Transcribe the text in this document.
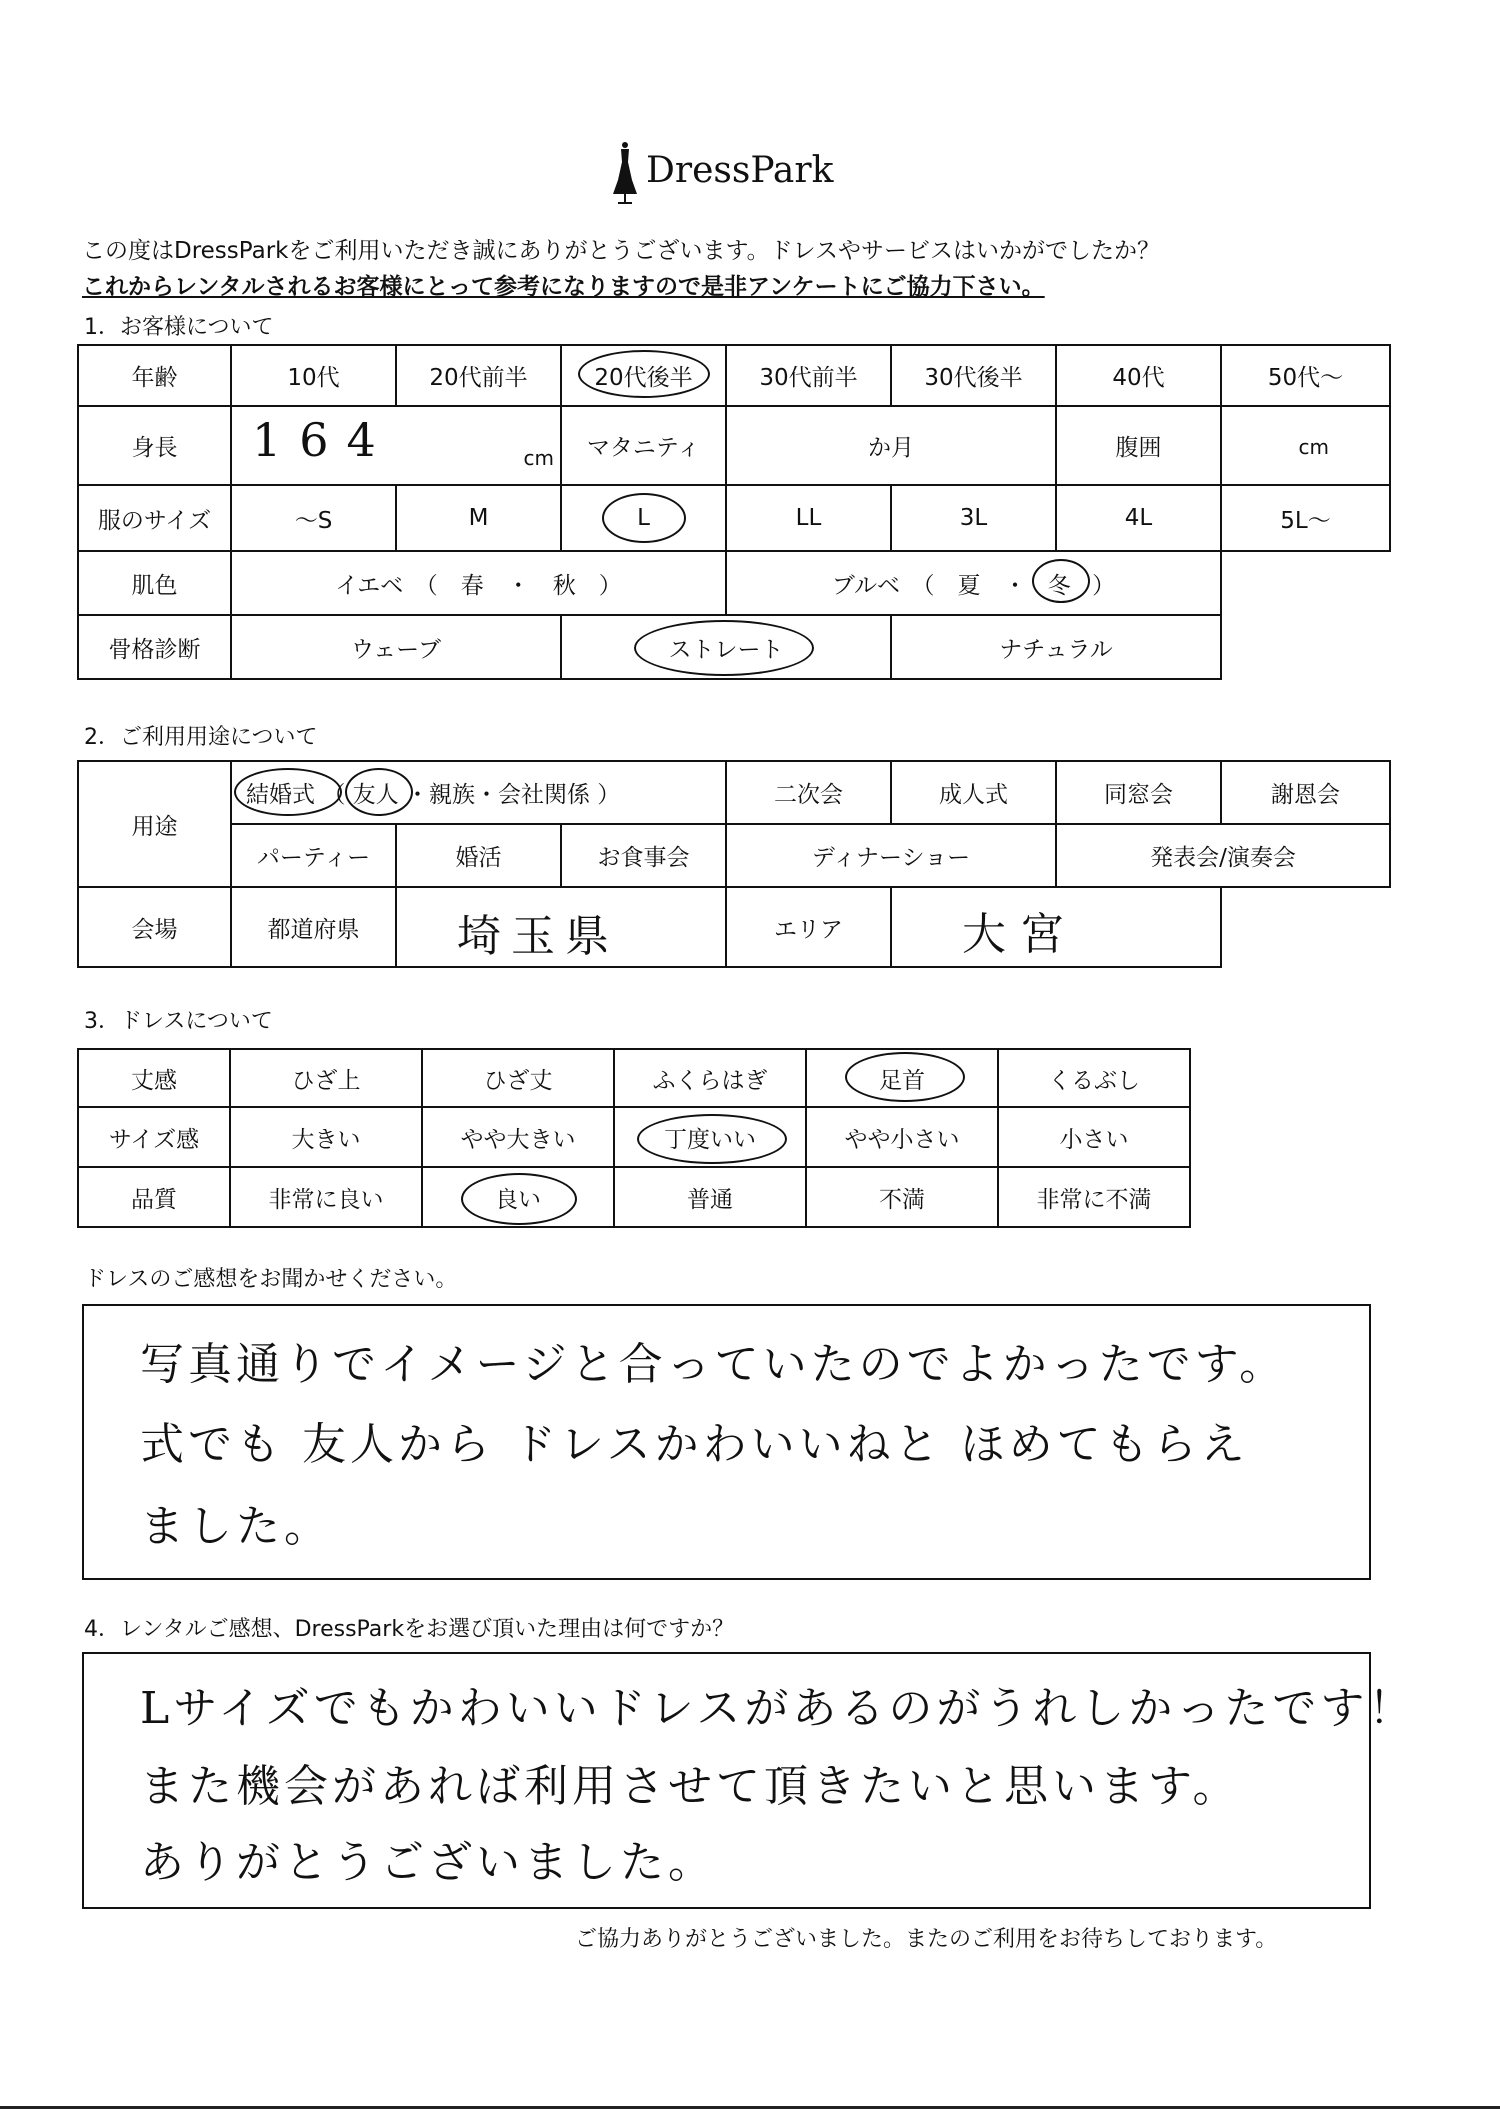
DressPark
この度はDressParkをご利用いただき誠にありがとうございます。ドレスやサービスはいかがでしたか？
これからレンタルされるお客様にとって参考になりますので是非アンケートにご協力下さい。
1．お客様について
年齢	10代	20代前半	20代後半	30代前半	30代後半	40代	50代〜
身長	164 cm		マタニティ	か月		腹囲	cm

服のサイズ	〜S	M	L	LL	3L	4L	5L〜
肌色	イエベ　（　春　・　秋　）			ブルベ　（　夏　・ 冬 ）			
骨格診断	ウェーブ		ストレート		ナチュラル		
2．ご利用用途について
用途	結婚式 （ 友人 ・親族・会社関係 ）			二次会	成人式	同窓会	謝恩会
	パーティー	婚活	お食事会	ディナーショー		発表会/演奏会	
会場	都道府県	埼玉県		エリア	大宮		

3．ドレスについて
丈感	ひざ上	ひざ丈	ふくらはぎ	足首	くるぶし
サイズ感	大きい	やや大きい	丁度いい	やや小さい	小さい
品質	非常に良い	良い	普通	不満	非常に不満
ドレスのご感想をお聞かせください。
写真通りでイメージと合っていたのでよかったです。
式でも 友人から ドレスかわいいねと ほめてもらえ
ました。
4．レンタルご感想、DressParkをお選び頂いた理由は何ですか？
Lサイズでもかわいいドレスがあるのがうれしかったです！
また機会があれば利用させて頂きたいと思います。
ありがとうございました。
ご協力ありがとうございました。またのご利用をお待ちしております。
